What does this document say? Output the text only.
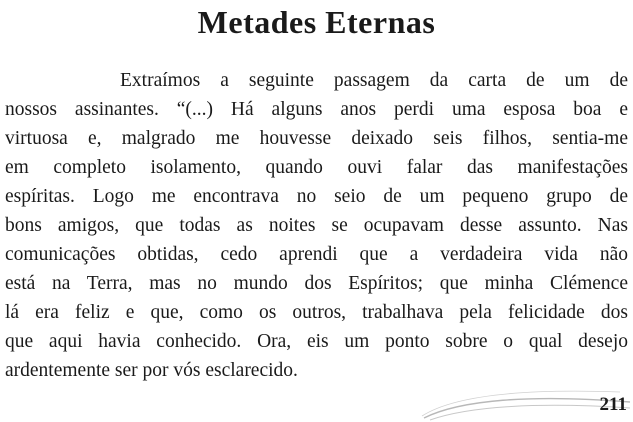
Metades Eternas
Extraímos a seguinte passagem da carta de um de
nossos assinantes. “(...) Há alguns anos perdi uma esposa boa e
virtuosa e, malgrado me houvesse deixado seis filhos, sentia-me
em completo isolamento, quando ouvi falar das manifestações
espíritas. Logo me encontrava no seio de um pequeno grupo de
bons amigos, que todas as noites se ocupavam desse assunto. Nas
comunicações obtidas, cedo aprendi que a verdadeira vida não
está na Terra, mas no mundo dos Espíritos; que minha Clémence
lá era feliz e que, como os outros, trabalhava pela felicidade dos
que aqui havia conhecido. Ora, eis um ponto sobre o qual desejo
ardentemente ser por vós esclarecido.
211
